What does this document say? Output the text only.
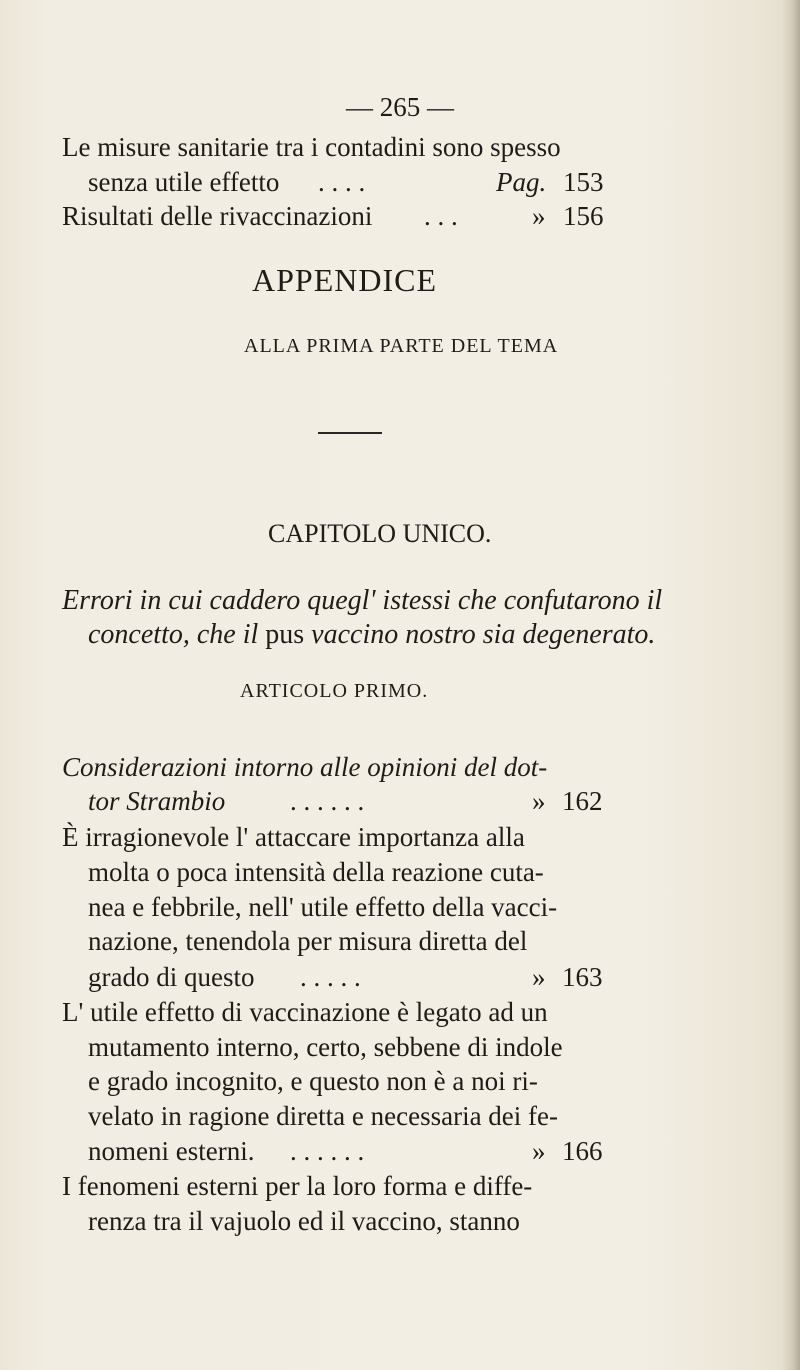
— 265 —
Le misure sanitarie tra i contadini sono spesso
senza utile effetto . . . .	Pag. 153
Risultati delle rivaccinazioni . . .	» 156
APPENDICE
ALLA PRIMA PARTE DEL TEMA
CAPITOLO UNICO.
Errori in cui caddero quegl' istessi che confutarono il
concetto, che il pus vaccino nostro sia degenerato.
ARTICOLO PRIMO.
Considerazioni intorno alle opinioni del dot-
tor Strambio . . . . . .	» 162
È irragionevole l' attaccare importanza alla
molta o poca intensità della reazione cuta-
nea e febbrile, nell' utile effetto della vacci-
nazione, tenendola per misura diretta del
grado di questo . . . . .	» 163
L' utile effetto di vaccinazione è legato ad un
mutamento interno, certo, sebbene di indole
e grado incognito, e questo non è a noi ri-
velato in ragione diretta e necessaria dei fe-
nomeni esterni. . . . . . .	» 166
I fenomeni esterni per la loro forma e diffe-
renza tra il vajuolo ed il vaccino, stanno
